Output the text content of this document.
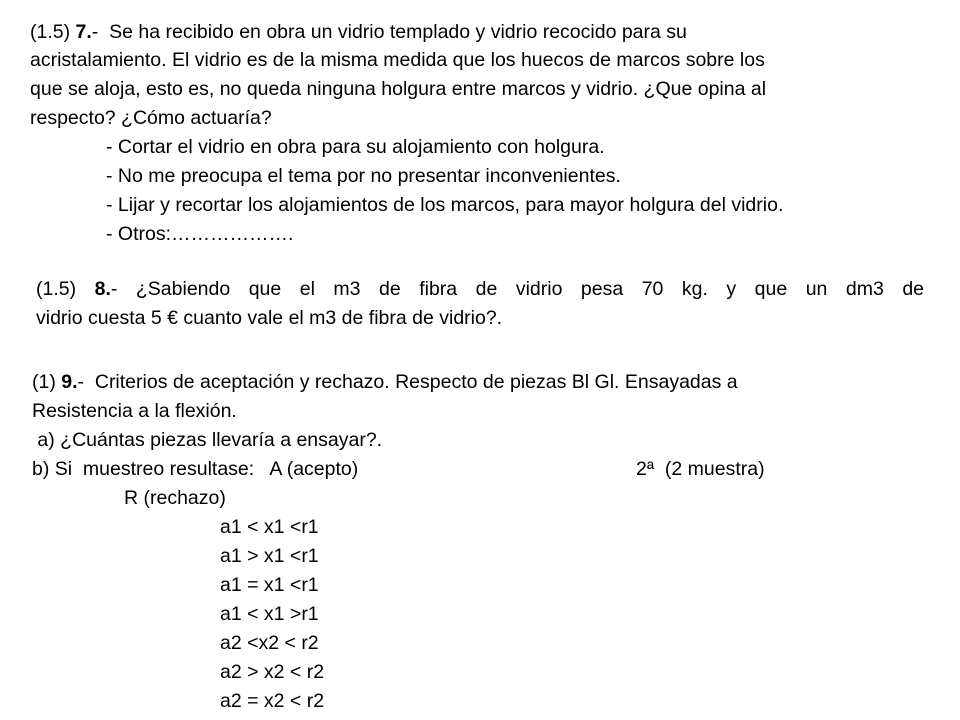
(1.5) 7.-  Se ha recibido en obra un vidrio templado y vidrio recocido para su
acristalamiento. El vidrio es de la misma medida que los huecos de marcos sobre los
que se aloja, esto es, no queda ninguna holgura entre marcos y vidrio. ¿Que opina al
respecto? ¿Cómo actuaría?
- Cortar el vidrio en obra para su alojamiento con holgura.
- No me preocupa el tema por no presentar inconvenientes.
- Lijar y recortar los alojamientos de los marcos, para mayor holgura del vidrio.
- Otros:……………….
(1.5) 8.- ¿Sabiendo que el m3 de fibra de vidrio pesa 70 kg. y que un dm3 de
vidrio cuesta 5 € cuanto vale el m3 de fibra de vidrio?.
(1) 9.-  Criterios de aceptación y rechazo. Respecto de piezas Bl Gl. Ensayadas a
Resistencia a la flexión.
a) ¿Cuántas piezas llevaría a ensayar?.
b) Si  muestreo resultase:   A (acepto)	2ª  (2 muestra)
R (rechazo)
a1 < x1 <r1
a1 > x1 <r1
a1 = x1 <r1
a1 < x1 >r1
a2 <x2 < r2
a2 > x2 < r2
a2 = x2 < r2
